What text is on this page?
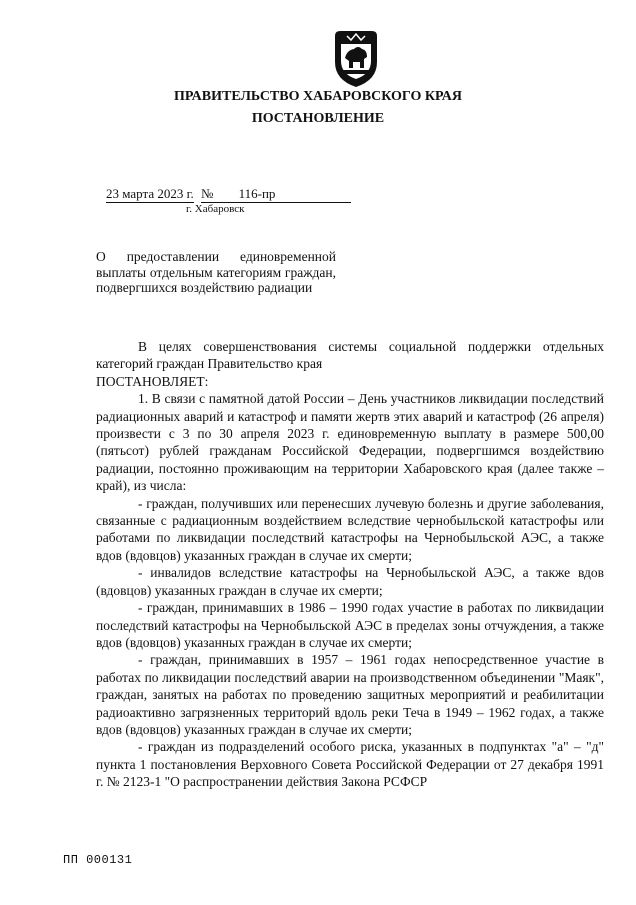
ПРАВИТЕЛЬСТВО ХАБАРОВСКОГО КРАЯ
ПОСТАНОВЛЕНИЕ
23 марта 2023 г. № 116-пр
г. Хабаровск
О предоставлении единовременной выплаты отдельным категориям граждан, подвергшихся воздействию радиации

В целях совершенствования системы социальной поддержки отдельных категорий граждан Правительство края

ПОСТАНОВЛЯЕТ:

1. В связи с памятной датой России – День участников ликвидации последствий радиационных аварий и катастроф и памяти жертв этих аварий и катастроф (26 апреля) произвести с 3 по 30 апреля 2023 г. единовременную выплату в размере 500,00 (пятьсот) рублей гражданам Российской Федерации, подвергшимся воздействию радиации, постоянно проживающим на территории Хабаровского края (далее также – край), из числа:

- граждан, получивших или перенесших лучевую болезнь и другие заболевания, связанные с радиационным воздействием вследствие чернобыльской катастрофы или работами по ликвидации последствий катастрофы на Чернобыльской АЭС, а также вдов (вдовцов) указанных граждан в случае их смерти;

- инвалидов вследствие катастрофы на Чернобыльской АЭС, а также вдов (вдовцов) указанных граждан в случае их смерти;

- граждан, принимавших в 1986 – 1990 годах участие в работах по ликвидации последствий катастрофы на Чернобыльской АЭС в пределах зоны отчуждения, а также вдов (вдовцов) указанных граждан в случае их смерти;

- граждан, принимавших в 1957 – 1961 годах непосредственное участие в работах по ликвидации последствий аварии на производственном объединении "Маяк", граждан, занятых на работах по проведению защитных мероприятий и реабилитации радиоактивно загрязненных территорий вдоль реки Теча в 1949 – 1962 годах, а также вдов (вдовцов) указанных граждан в случае их смерти;

- граждан из подразделений особого риска, указанных в подпунктах "а" – "д" пункта 1 постановления Верховного Совета Российской Федерации от 27 декабря 1991 г. № 2123-1 "О распространении действия Закона РСФСР

ПП 000131
